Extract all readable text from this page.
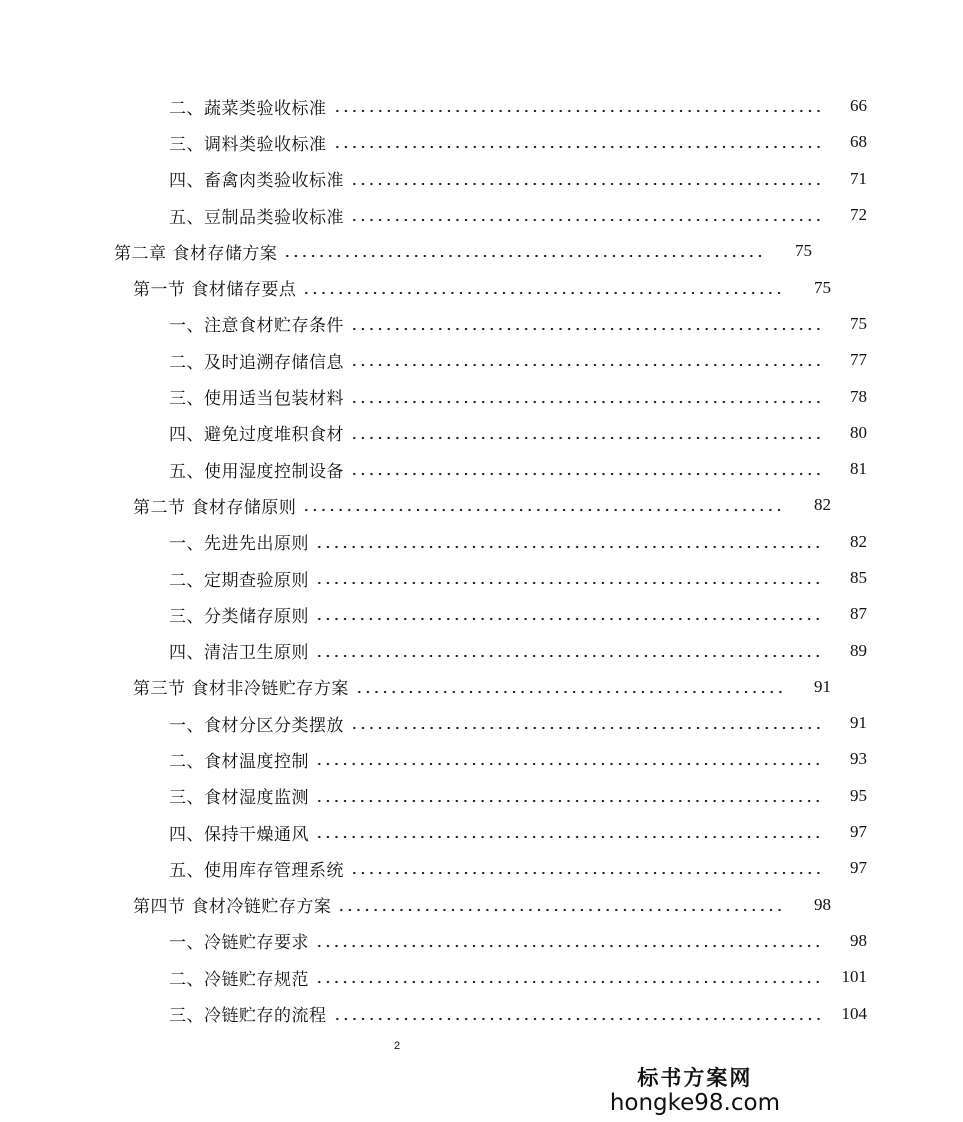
二、蔬菜类验收标准	66
三、调料类验收标准	68
四、畜禽肉类验收标准	71
五、豆制品类验收标准	72
第二章 食材存储方案	75
第一节 食材储存要点	75
一、注意食材贮存条件	75
二、及时追溯存储信息	77
三、使用适当包装材料	78
四、避免过度堆积食材	80
五、使用湿度控制设备	81
第二节 食材存储原则	82
一、先进先出原则	82
二、定期查验原则	85
三、分类储存原则	87
四、清洁卫生原则	89
第三节 食材非冷链贮存方案	91
一、食材分区分类摆放	91
二、食材温度控制	93
三、食材湿度监测	95
四、保持干燥通风	97
五、使用库存管理系统	97
第四节 食材冷链贮存方案	98
一、冷链贮存要求	98
二、冷链贮存规范	101
三、冷链贮存的流程	104
2
标书方案网
hongke98.com
